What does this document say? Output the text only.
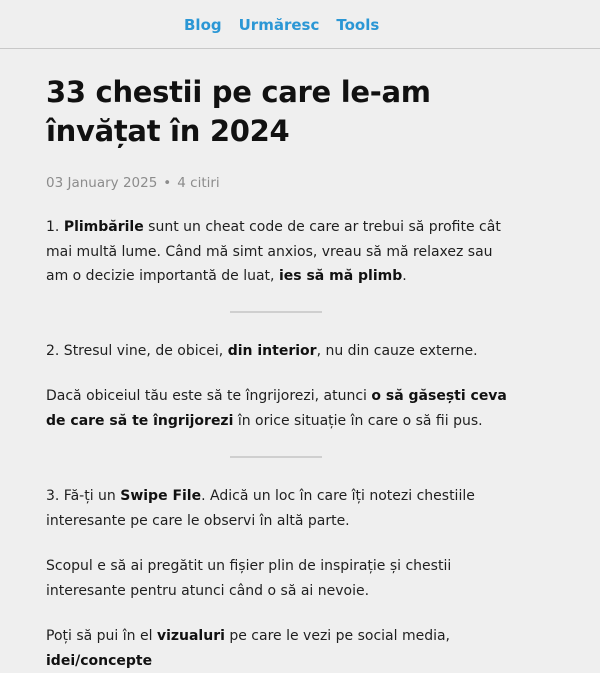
Blog Urmăresc Tools
33 chestii pe care le-am învățat în 2024
03 January 2025 • 4 citiri

1. Plimbările sunt un cheat code de care ar trebui să profite cât mai multă lume. Când mă simt anxios, vreau să mă relaxez sau am o decizie importantă de luat, ies să mă plimb.

2. Stresul vine, de obicei, din interior, nu din cauze externe.

Dacă obiceiul tău este să te îngrijorezi, atunci o să găsești ceva de care să te îngrijorezi în orice situație în care o să fii pus.

3. Fă-ți un Swipe File. Adică un loc în care îți notezi chestiile interesante pe care le observi în altă parte.

Scopul e să ai pregătit un fișier plin de inspirație și chestii interesante pentru atunci când o să ai nevoie.

Poți să pui în el vizualuri pe care le vezi pe social media, idei/concepte
